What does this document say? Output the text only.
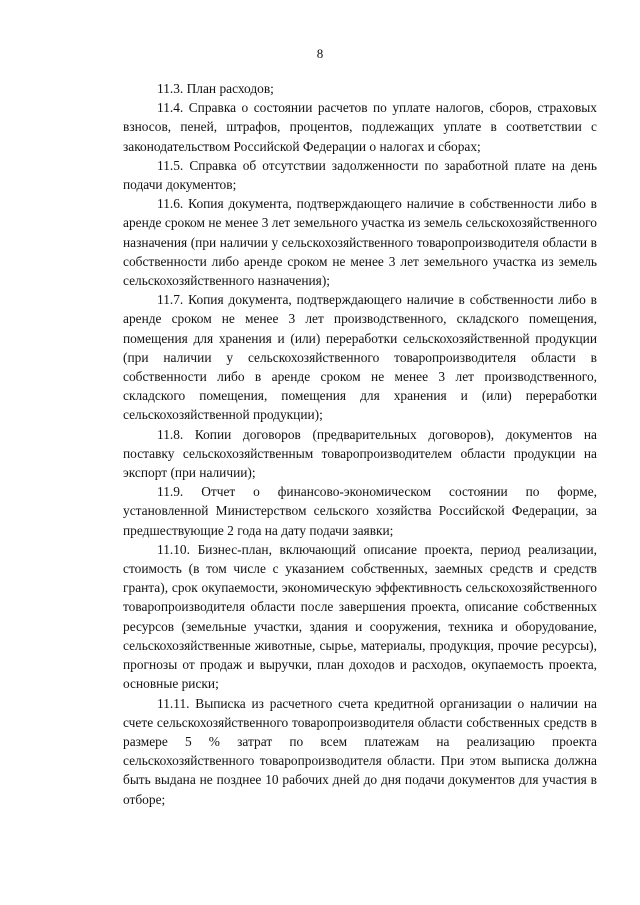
8

11.3. План расходов;

11.4. Справка о состоянии расчетов по уплате налогов, сборов, страховых взносов, пеней, штрафов, процентов, подлежащих уплате в соответствии с законодательством Российской Федерации о налогах и сборах;

11.5. Справка об отсутствии задолженности по заработной плате на день подачи документов;

11.6. Копия документа, подтверждающего наличие в собственности либо в аренде сроком не менее 3 лет земельного участка из земель сельскохозяйственного назначения (при наличии у сельскохозяйственного товаропроизводителя области в собственности либо аренде сроком не менее 3 лет земельного участка из земель сельскохозяйственного назначения);

11.7. Копия документа, подтверждающего наличие в собственности либо в аренде сроком не менее 3 лет производственного, складского помещения, помещения для хранения и (или) переработки сельскохозяйственной продукции (при наличии у сельскохозяйственного товаропроизводителя области в собственности либо в аренде сроком не менее 3 лет производственного, складского помещения, помещения для хранения и (или) переработки сельскохозяйственной продукции);

11.8. Копии договоров (предварительных договоров), документов на поставку сельскохозяйственным товаропроизводителем области продукции на экспорт (при наличии);

11.9. Отчет о финансово-экономическом состоянии по форме, установленной Министерством сельского хозяйства Российской Федерации, за предшествующие 2 года на дату подачи заявки;

11.10. Бизнес-план, включающий описание проекта, период реализации, стоимость (в том числе с указанием собственных, заемных средств и средств гранта), срок окупаемости, экономическую эффективность сельскохозяйственного товаропроизводителя области после завершения проекта, описание собственных ресурсов (земельные участки, здания и сооружения, техника и оборудование, сельскохозяйственные животные, сырье, материалы, продукция, прочие ресурсы), прогнозы от продаж и выручки, план доходов и расходов, окупаемость проекта, основные риски;

11.11. Выписка из расчетного счета кредитной организации о наличии на счете сельскохозяйственного товаропроизводителя области собственных средств в размере 5 % затрат по всем платежам на реализацию проекта сельскохозяйственного товаропроизводителя области. При этом выписка должна быть выдана не позднее 10 рабочих дней до дня подачи документов для участия в отборе;
